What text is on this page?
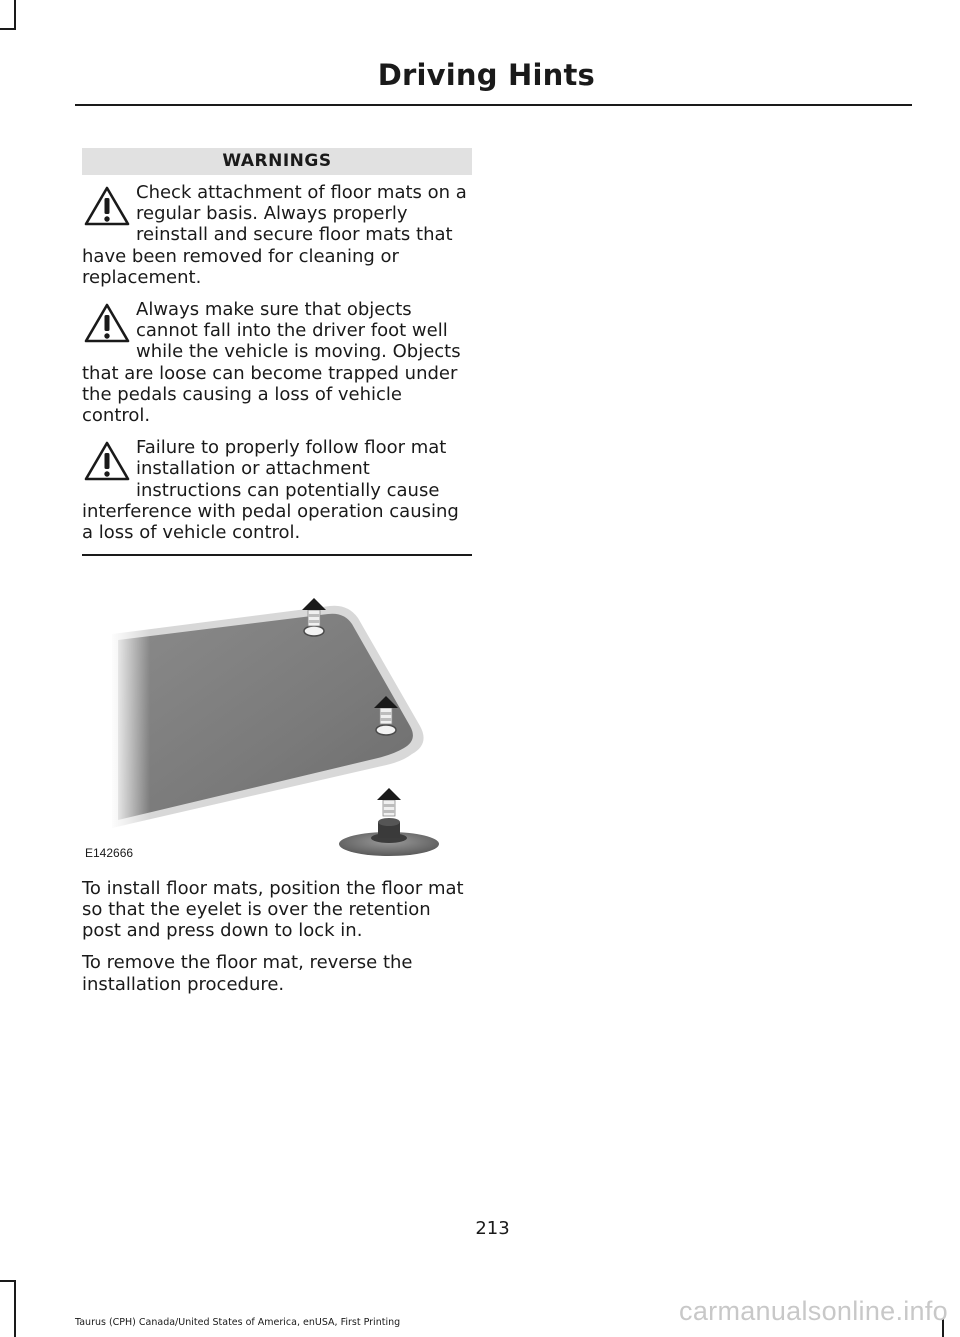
Driving Hints
WARNINGS
Check attachment of floor mats on a regular basis. Always properly reinstall and secure floor mats that have been removed for cleaning or replacement.
Always make sure that objects cannot fall into the driver foot well while the vehicle is moving. Objects that are loose can become trapped under the pedals causing a loss of vehicle control.
Failure to properly follow floor mat installation or attachment instructions can potentially cause interference with pedal operation causing a loss of vehicle control.
E142666

To install floor mats, position the floor mat so that the eyelet is over the retention post and press down to lock in.

To remove the floor mat, reverse the installation procedure.

213
Taurus (CPH) Canada/United States of America, enUSA, First Printing	carmanualsonline.info
